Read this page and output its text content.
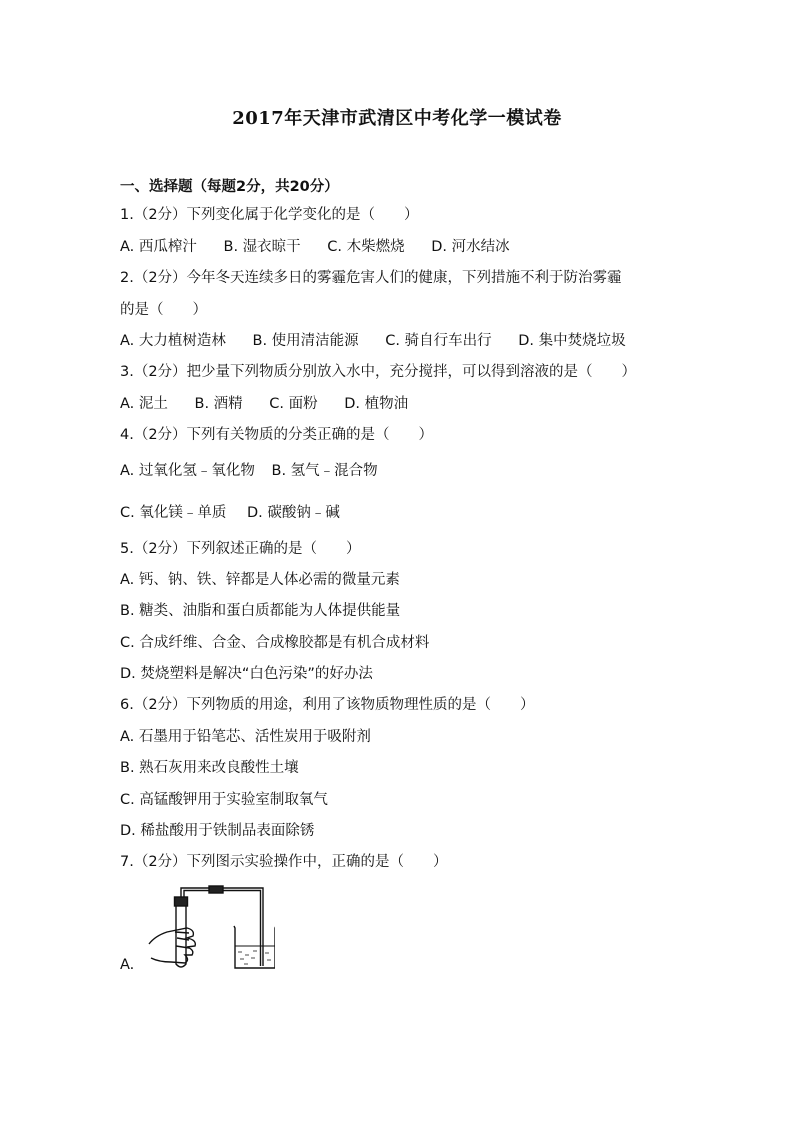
2017年天津市武清区中考化学一模试卷
一、选择题（每题2分，共20分）
1.（2分）下列变化属于化学变化的是（　　）
A. 西瓜榨汁 B. 湿衣晾干 C. 木柴燃烧 D. 河水结冰
2.（2分）今年冬天连续多日的雾霾危害人们的健康，下列措施不利于防治雾霾
的是（　　）
A. 大力植树造林 B. 使用清洁能源 C. 骑自行车出行 D. 集中焚烧垃圾
3.（2分）把少量下列物质分别放入水中，充分搅拌，可以得到溶液的是（　　）
A. 泥土 B. 酒精 C. 面粉 D. 植物油
4.（2分）下列有关物质的分类正确的是（　　）
A. 过氧化氢﹣氧化物 B. 氢气﹣混合物
C. 氧化镁﹣单质 D. 碳酸钠﹣碱
5.（2分）下列叙述正确的是（　　）
A. 钙、钠、铁、锌都是人体必需的微量元素
B. 糖类、油脂和蛋白质都能为人体提供能量
C. 合成纤维、合金、合成橡胶都是有机合成材料
D. 焚烧塑料是解决“白色污染”的好办法
6.（2分）下列物质的用途，利用了该物质物理性质的是（　　）
A. 石墨用于铅笔芯、活性炭用于吸附剂
B. 熟石灰用来改良酸性土壤
C. 高锰酸钾用于实验室制取氧气
D. 稀盐酸用于铁制品表面除锈
7.（2分）下列图示实验操作中，正确的是（　　）
A.
